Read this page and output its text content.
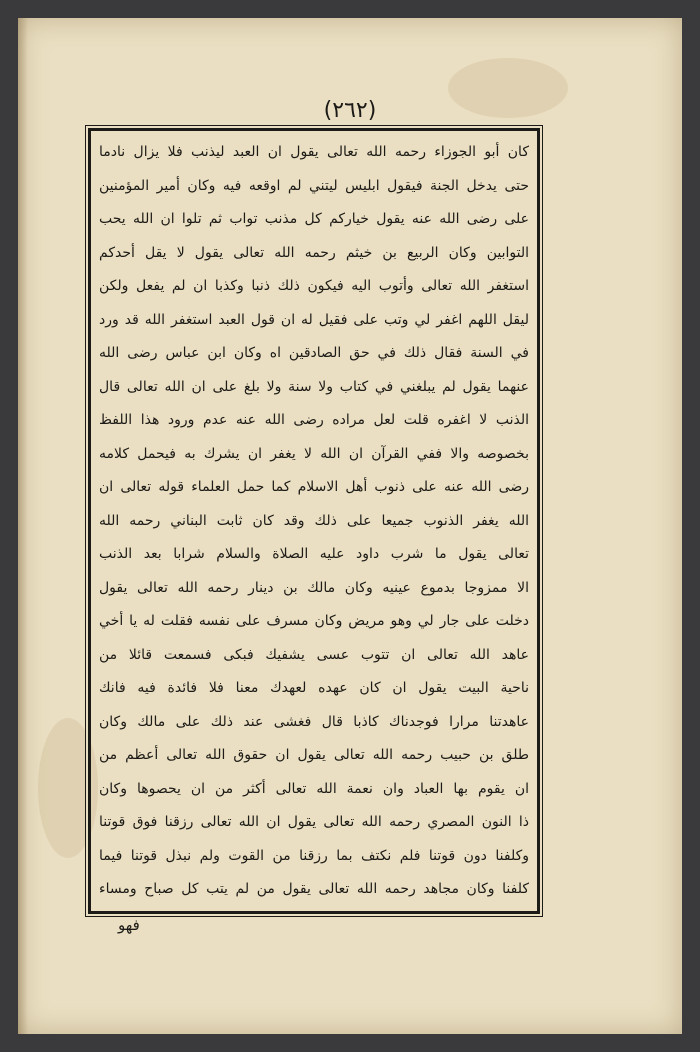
(٢٦٢)
كان أبو الجوزاء رحمه الله تعالى يقول ان العبد ليذنب فلا يزال نادما
حتى يدخل الجنة فيقول ابليس ليتني لم اوقعه فيه وكان أمير المؤمنين
على رضى الله عنه يقول خياركم كل مذنب تواب ثم تلوا ان الله يحب
التوابين وكان الربيع بن خيثم رحمه الله تعالى يقول لا يقل أحدكم
استغفر الله تعالى وأتوب اليه فيكون ذلك ذنبا وكذبا ان لم يفعل ولكن
ليقل اللهم اغفر لي وتب على فقيل له ان قول العبد استغفر الله قد ورد
في السنة فقال ذلك في حق الصادقين اه وكان ابن عباس رضى الله
عنهما يقول لم يبلغني في كتاب ولا سنة ولا بلغ على ان الله تعالى قال
الذنب لا اغفره قلت لعل مراده رضى الله عنه عدم ورود هذا اللفظ
بخصوصه والا ففي القرآن ان الله لا يغفر ان يشرك به فيحمل كلامه
رضى الله عنه على ذنوب أهل الاسلام كما حمل العلماء قوله تعالى ان
الله يغفر الذنوب جميعا على ذلك وقد كان ثابت البناني رحمه الله
تعالى يقول ما شرب داود عليه الصلاة والسلام شرابا بعد الذنب
الا ممزوجا بدموع عينيه وكان مالك بن دينار رحمه الله تعالى يقول
دخلت على جار لي وهو مريض وكان مسرف على نفسه فقلت له يا أخي
عاهد الله تعالى ان تتوب عسى يشفيك فبكى فسمعت قائلا من
ناحية البيت يقول ان كان عهده لعهدك معنا فلا فائدة فيه فانك
عاهدتنا مرارا فوجدناك كاذبا قال فغشى عند ذلك على مالك وكان
طلق بن حبيب رحمه الله تعالى يقول ان حقوق الله تعالى أعظم من
ان يقوم بها العباد وان نعمة الله تعالى أكثر من ان يحصوها وكان
ذا النون المصري رحمه الله تعالى يقول ان الله تعالى رزقنا فوق قوتنا
وكلفنا دون قوتنا فلم نكتف بما رزقنا من القوت ولم نبذل قوتنا فيما
كلفنا وكان مجاهد رحمه الله تعالى يقول من لم يتب كل صباح ومساء
فهو
